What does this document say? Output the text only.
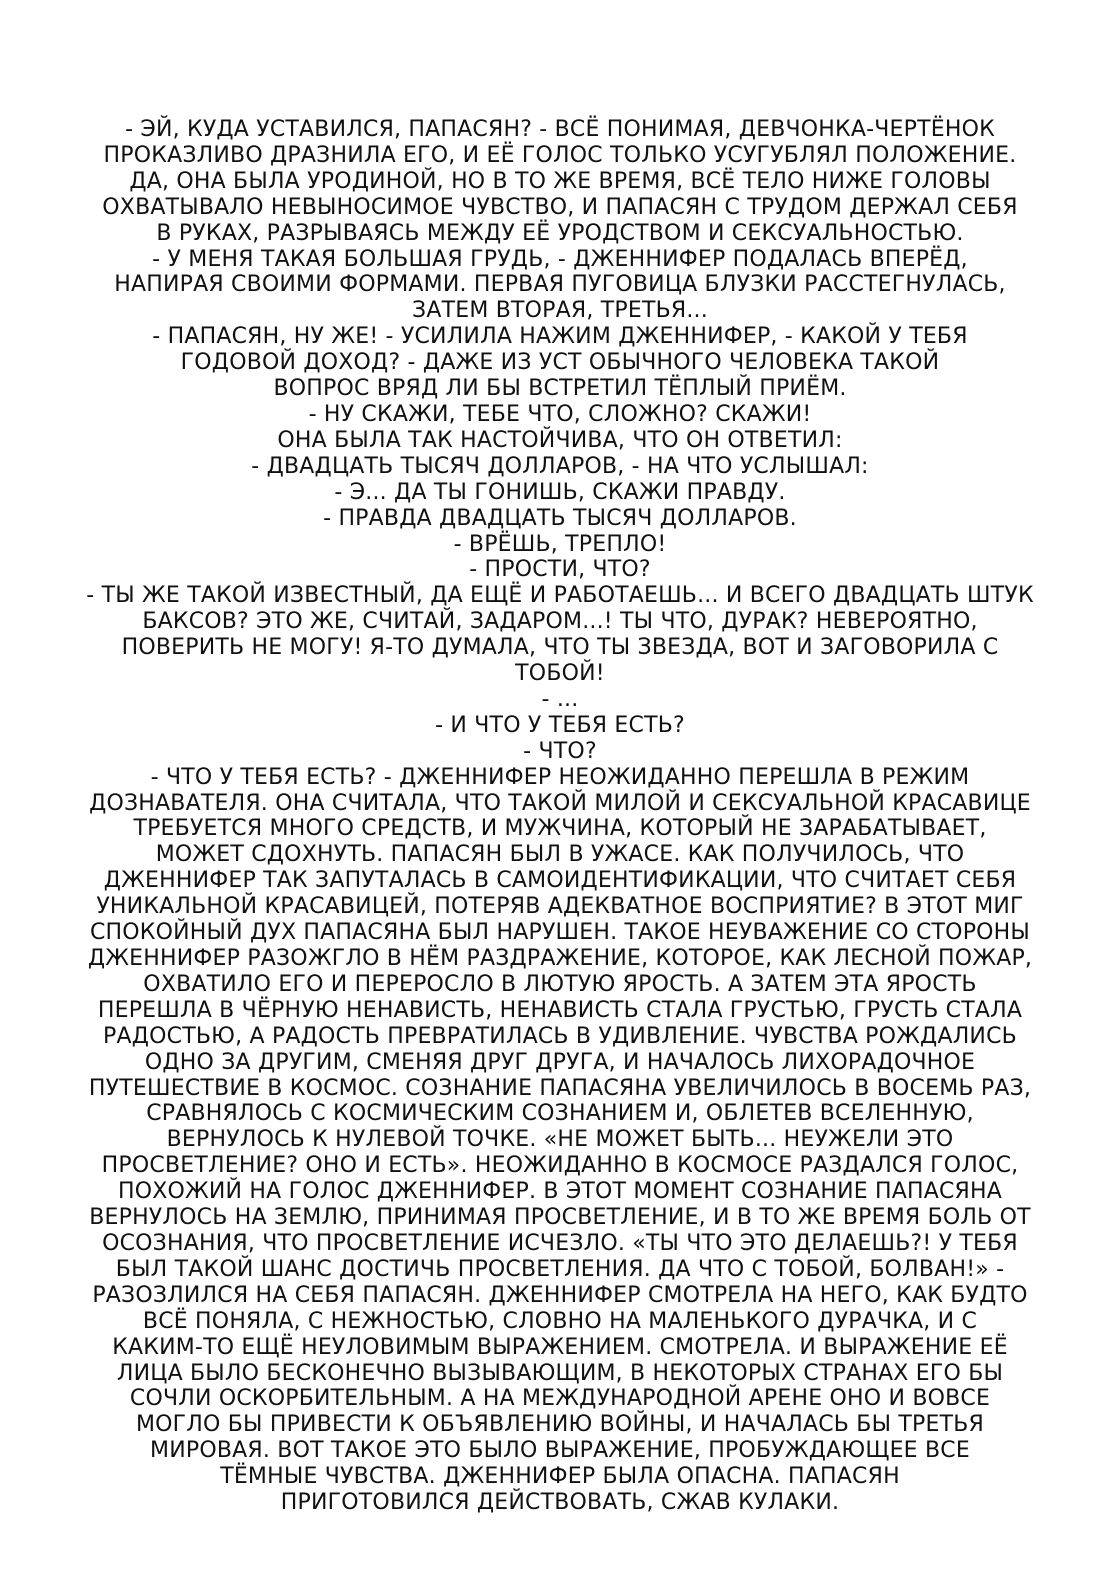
- ЭЙ, КУДА УСТАВИЛСЯ, ПАПАСЯН? - ВСЁ ПОНИМАЯ, ДЕВЧОНКА-ЧЕРТЁНОК
ПРОКАЗЛИВО ДРАЗНИЛА ЕГО, И ЕЁ ГОЛОС ТОЛЬКО УСУГУБЛЯЛ ПОЛОЖЕНИЕ.
ДА, ОНА БЫЛА УРОДИНОЙ, НО В ТО ЖЕ ВРЕМЯ, ВСЁ ТЕЛО НИЖЕ ГОЛОВЫ
ОХВАТЫВАЛО НЕВЫНОСИМОЕ ЧУВСТВО, И ПАПАСЯН С ТРУДОМ ДЕРЖАЛ СЕБЯ
В РУКАХ, РАЗРЫВАЯСЬ МЕЖДУ ЕЁ УРОДСТВОМ И СЕКСУАЛЬНОСТЬЮ.
- У МЕНЯ ТАКАЯ БОЛЬШАЯ ГРУДЬ, - ДЖЕННИФЕР ПОДАЛАСЬ ВПЕРЁД,
НАПИРАЯ СВОИМИ ФОРМАМИ. ПЕРВАЯ ПУГОВИЦА БЛУЗКИ РАССТЕГНУЛАСЬ,
ЗАТЕМ ВТОРАЯ, ТРЕТЬЯ...
- ПАПАСЯН, НУ ЖЕ! - УСИЛИЛА НАЖИМ ДЖЕННИФЕР, - КАКОЙ У ТЕБЯ
ГОДОВОЙ ДОХОД? - ДАЖЕ ИЗ УСТ ОБЫЧНОГО ЧЕЛОВЕКА ТАКОЙ
ВОПРОС ВРЯД ЛИ БЫ ВСТРЕТИЛ ТЁПЛЫЙ ПРИЁМ.
- НУ СКАЖИ, ТЕБЕ ЧТО, СЛОЖНО? СКАЖИ!
ОНА БЫЛА ТАК НАСТОЙЧИВА, ЧТО ОН ОТВЕТИЛ:
- ДВАДЦАТЬ ТЫСЯЧ ДОЛЛАРОВ, - НА ЧТО УСЛЫШАЛ:
- Э... ДА ТЫ ГОНИШЬ, СКАЖИ ПРАВДУ.
- ПРАВДА ДВАДЦАТЬ ТЫСЯЧ ДОЛЛАРОВ.
- ВРЁШЬ, ТРЕПЛО!
- ПРОСТИ, ЧТО?
- ТЫ ЖЕ ТАКОЙ ИЗВЕСТНЫЙ, ДА ЕЩЁ И РАБОТАЕШЬ... И ВСЕГО ДВАДЦАТЬ ШТУК
БАКСОВ? ЭТО ЖЕ, СЧИТАЙ, ЗАДАРОМ...! ТЫ ЧТО, ДУРАК? НЕВЕРОЯТНО,
ПОВЕРИТЬ НЕ МОГУ! Я-ТО ДУМАЛА, ЧТО ТЫ ЗВЕЗДА, ВОТ И ЗАГОВОРИЛА С
ТОБОЙ!
- ...
- И ЧТО У ТЕБЯ ЕСТЬ?
- ЧТО?
- ЧТО У ТЕБЯ ЕСТЬ? - ДЖЕННИФЕР НЕОЖИДАННО ПЕРЕШЛА В РЕЖИМ
ДОЗНАВАТЕЛЯ. ОНА СЧИТАЛА, ЧТО ТАКОЙ МИЛОЙ И СЕКСУАЛЬНОЙ КРАСАВИЦЕ
ТРЕБУЕТСЯ МНОГО СРЕДСТВ, И МУЖЧИНА, КОТОРЫЙ НЕ ЗАРАБАТЫВАЕТ,
МОЖЕТ СДОХНУТЬ. ПАПАСЯН БЫЛ В УЖАСЕ. КАК ПОЛУЧИЛОСЬ, ЧТО
ДЖЕННИФЕР ТАК ЗАПУТАЛАСЬ В САМОИДЕНТИФИКАЦИИ, ЧТО СЧИТАЕТ СЕБЯ
УНИКАЛЬНОЙ КРАСАВИЦЕЙ, ПОТЕРЯВ АДЕКВАТНОЕ ВОСПРИЯТИЕ? В ЭТОТ МИГ
СПОКОЙНЫЙ ДУХ ПАПАСЯНА БЫЛ НАРУШЕН. ТАКОЕ НЕУВАЖЕНИЕ СО СТОРОНЫ
ДЖЕННИФЕР РАЗОЖГЛО В НЁМ РАЗДРАЖЕНИЕ, КОТОРОЕ, КАК ЛЕСНОЙ ПОЖАР,
ОХВАТИЛО ЕГО И ПЕРЕРОСЛО В ЛЮТУЮ ЯРОСТЬ. А ЗАТЕМ ЭТА ЯРОСТЬ
ПЕРЕШЛА В ЧЁРНУЮ НЕНАВИСТЬ, НЕНАВИСТЬ СТАЛА ГРУСТЬЮ, ГРУСТЬ СТАЛА
РАДОСТЬЮ, А РАДОСТЬ ПРЕВРАТИЛАСЬ В УДИВЛЕНИЕ. ЧУВСТВА РОЖДАЛИСЬ
ОДНО ЗА ДРУГИМ, СМЕНЯЯ ДРУГ ДРУГА, И НАЧАЛОСЬ ЛИХОРАДОЧНОЕ
ПУТЕШЕСТВИЕ В КОСМОС. СОЗНАНИЕ ПАПАСЯНА УВЕЛИЧИЛОСЬ В ВОСЕМЬ РАЗ,
СРАВНЯЛОСЬ С КОСМИЧЕСКИМ СОЗНАНИЕМ И, ОБЛЕТЕВ ВСЕЛЕННУЮ,
ВЕРНУЛОСЬ К НУЛЕВОЙ ТОЧКЕ. «НЕ МОЖЕТ БЫТЬ... НЕУЖЕЛИ ЭТО
ПРОСВЕТЛЕНИЕ? ОНО И ЕСТЬ». НЕОЖИДАННО В КОСМОСЕ РАЗДАЛСЯ ГОЛОС,
ПОХОЖИЙ НА ГОЛОС ДЖЕННИФЕР. В ЭТОТ МОМЕНТ СОЗНАНИЕ ПАПАСЯНА
ВЕРНУЛОСЬ НА ЗЕМЛЮ, ПРИНИМАЯ ПРОСВЕТЛЕНИЕ, И В ТО ЖЕ ВРЕМЯ БОЛЬ ОТ
ОСОЗНАНИЯ, ЧТО ПРОСВЕТЛЕНИЕ ИСЧЕЗЛО. «ТЫ ЧТО ЭТО ДЕЛАЕШЬ?! У ТЕБЯ
БЫЛ ТАКОЙ ШАНС ДОСТИЧЬ ПРОСВЕТЛЕНИЯ. ДА ЧТО С ТОБОЙ, БОЛВАН!» -
РАЗОЗЛИЛСЯ НА СЕБЯ ПАПАСЯН. ДЖЕННИФЕР СМОТРЕЛА НА НЕГО, КАК БУДТО
ВСЁ ПОНЯЛА, С НЕЖНОСТЬЮ, СЛОВНО НА МАЛЕНЬКОГО ДУРАЧКА, И С
КАКИМ-ТО ЕЩЁ НЕУЛОВИМЫМ ВЫРАЖЕНИЕМ. СМОТРЕЛА. И ВЫРАЖЕНИЕ ЕЁ
ЛИЦА БЫЛО БЕСКОНЕЧНО ВЫЗЫВАЮЩИМ, В НЕКОТОРЫХ СТРАНАХ ЕГО БЫ
СОЧЛИ ОСКОРБИТЕЛЬНЫМ. А НА МЕЖДУНАРОДНОЙ АРЕНЕ ОНО И ВОВСЕ
МОГЛО БЫ ПРИВЕСТИ К ОБЪЯВЛЕНИЮ ВОЙНЫ, И НАЧАЛАСЬ БЫ ТРЕТЬЯ
МИРОВАЯ. ВОТ ТАКОЕ ЭТО БЫЛО ВЫРАЖЕНИЕ, ПРОБУЖДАЮЩЕЕ ВСЕ
ТЁМНЫЕ ЧУВСТВА. ДЖЕННИФЕР БЫЛА ОПАСНА. ПАПАСЯН
ПРИГОТОВИЛСЯ ДЕЙСТВОВАТЬ, СЖАВ КУЛАКИ.
